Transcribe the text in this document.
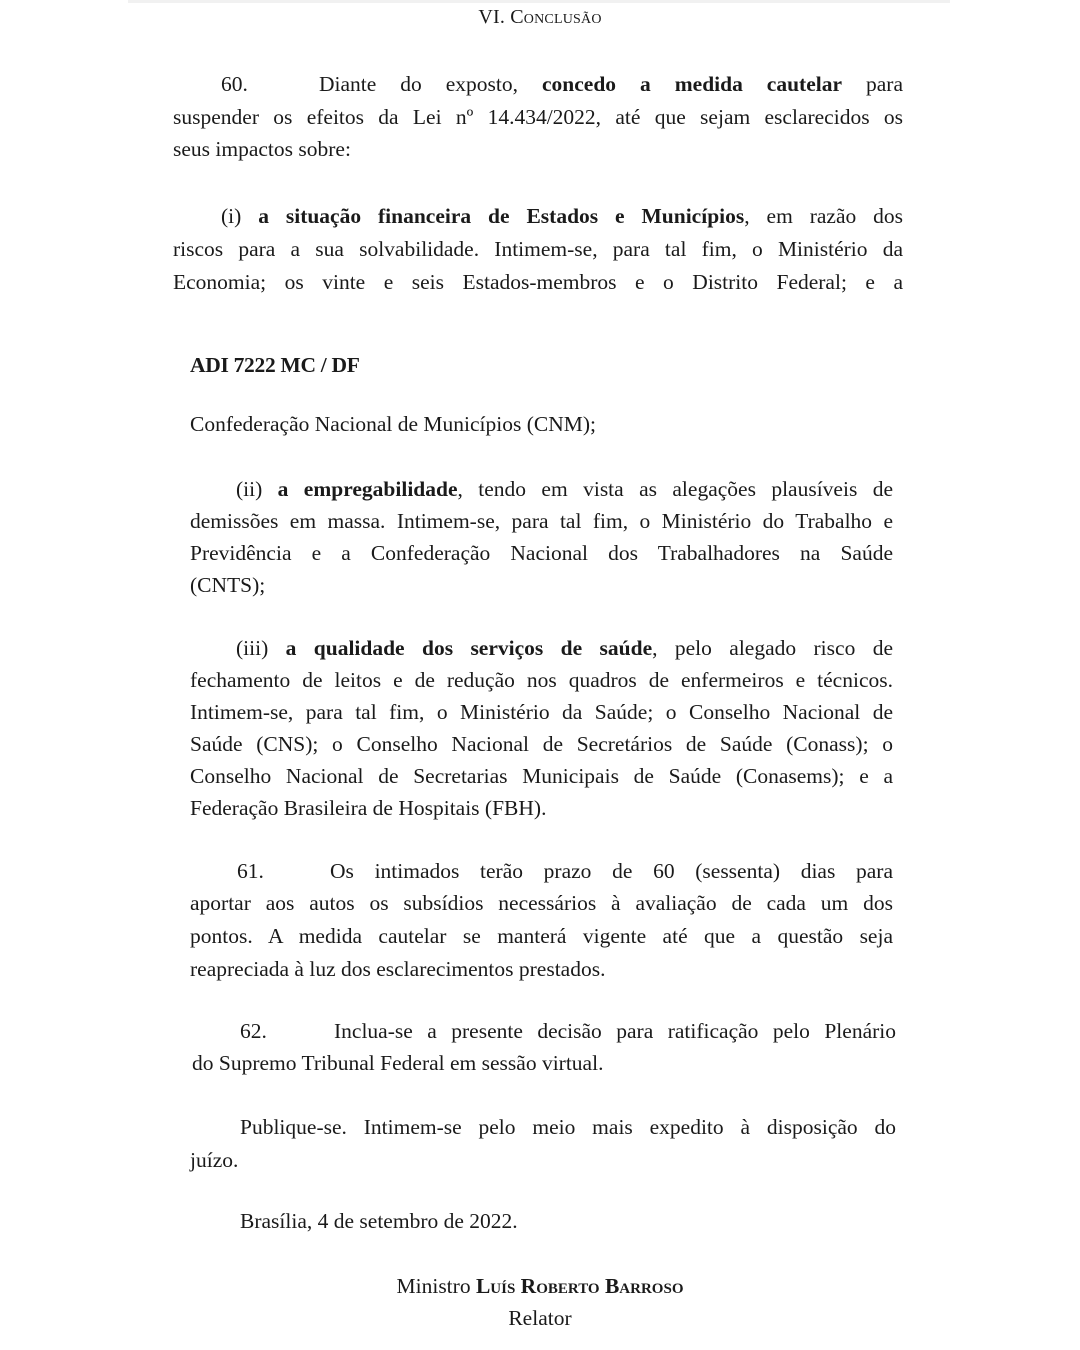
VI. Conclusão
60.	Diante do exposto, concedo a medida cautelar para
suspender os efeitos da Lei nº 14.434/2022, até que sejam esclarecidos os
seus impactos sobre:
(i) a situação financeira de Estados e Municípios, em razão dos
riscos para a sua solvabilidade. Intimem-se, para tal fim, o Ministério da
Economia; os vinte e seis Estados-membros e o Distrito Federal; e a
ADI 7222 MC / DF
Confederação Nacional de Municípios (CNM);
(ii) a empregabilidade, tendo em vista as alegações plausíveis de
demissões em massa. Intimem-se, para tal fim, o Ministério do Trabalho e
Previdência e a Confederação Nacional dos Trabalhadores na Saúde
(CNTS);
(iii) a qualidade dos serviços de saúde, pelo alegado risco de
fechamento de leitos e de redução nos quadros de enfermeiros e técnicos.
Intimem-se, para tal fim, o Ministério da Saúde; o Conselho Nacional de
Saúde (CNS); o Conselho Nacional de Secretários de Saúde (Conass); o
Conselho Nacional de Secretarias Municipais de Saúde (Conasems); e a
Federação Brasileira de Hospitais (FBH).
61.	Os intimados terão prazo de 60 (sessenta) dias para
aportar aos autos os subsídios necessários à avaliação de cada um dos
pontos. A medida cautelar se manterá vigente até que a questão seja
reapreciada à luz dos esclarecimentos prestados.
62.	Inclua-se a presente decisão para ratificação pelo Plenário
do Supremo Tribunal Federal em sessão virtual.
Publique-se. Intimem-se pelo meio mais expedito à disposição do
juízo.
Brasília, 4 de setembro de 2022.
Ministro Luís Roberto Barroso
Relator
